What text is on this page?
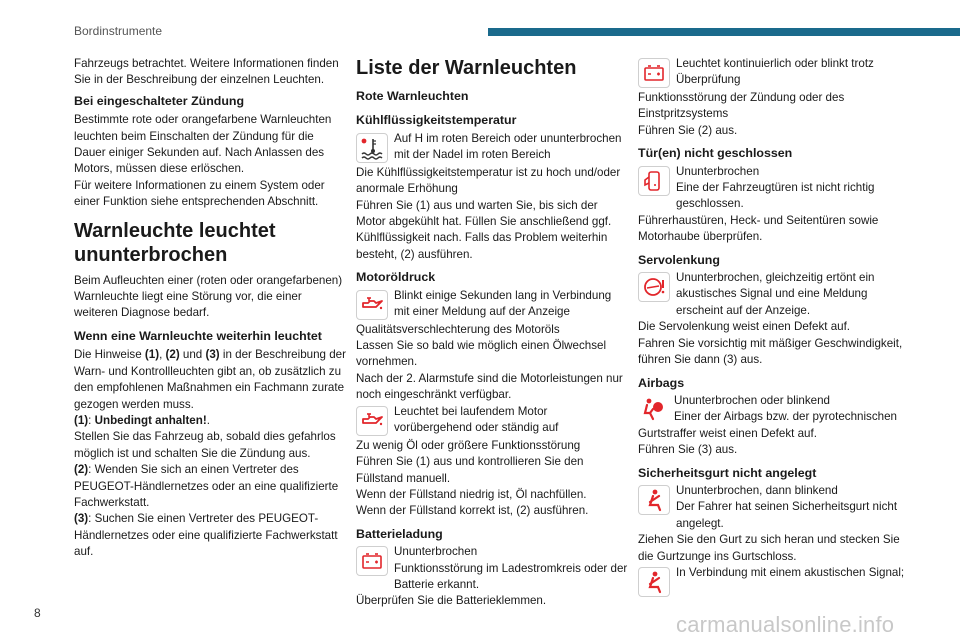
Bordinstrumente

Fahrzeugs betrachtet. Weitere Informationen finden Sie in der Beschreibung der einzelnen Leuchten.

Bei eingeschalteter Zündung

Bestimmte rote oder orangefarbene Warnleuchten leuchten beim Einschalten der Zündung für die Dauer einiger Sekunden auf. Nach Anlassen des Motors, müssen diese erlöschen.

Für weitere Informationen zu einem System oder einer Funktion siehe entsprechenden Abschnitt.

Warnleuchte leuchtet ununterbrochen

Beim Aufleuchten einer (roten oder orangefarbenen) Warnleuchte liegt eine Störung vor, die einer weiteren Diagnose bedarf.

Wenn eine Warnleuchte weiterhin leuchtet

Die Hinweise (1), (2) und (3) in der Beschreibung der Warn- und Kontrollleuchten gibt an, ob zusätzlich zu den empfohlenen Maßnahmen ein Fachmann zurate gezogen werden muss.

(1): Unbedingt anhalten!.

Stellen Sie das Fahrzeug ab, sobald dies gefahrlos möglich ist und schalten Sie die Zündung aus.

(2): Wenden Sie sich an einen Vertreter des PEUGEOT-Händlernetzes oder an eine qualifizierte Fachwerkstatt.

(3): Suchen Sie einen Vertreter des PEUGEOT-Händlernetzes oder eine qualifizierte Fachwerkstatt auf.

Liste der Warnleuchten

Rote Warnleuchten

Kühlflüssigkeitstemperatur

Auf H im roten Bereich oder ununterbrochen mit der Nadel im roten Bereich

Die Kühlflüssigkeitstemperatur ist zu hoch und/oder anormale Erhöhung

Führen Sie (1) aus und warten Sie, bis sich der Motor abgekühlt hat. Füllen Sie anschließend ggf. Kühlflüssigkeit nach. Falls das Problem weiterhin besteht, (2) ausführen.

Motoröldruck

Blinkt einige Sekunden lang in Verbindung mit einer Meldung auf der Anzeige

Qualitätsverschlechterung des Motoröls

Lassen Sie so bald wie möglich einen Ölwechsel vornehmen.

Nach der 2. Alarmstufe sind die Motorleistungen nur noch eingeschränkt verfügbar.

Leuchtet bei laufendem Motor vorübergehend oder ständig auf

Zu wenig Öl oder größere Funktionsstörung

Führen Sie (1) aus und kontrollieren Sie den Füllstand manuell.

Wenn der Füllstand niedrig ist, Öl nachfüllen.

Wenn der Füllstand korrekt ist, (2) ausführen.

Batterieladung

Ununterbrochen

Funktionsstörung im Ladestromkreis oder der Batterie erkannt.

Überprüfen Sie die Batterieklemmen.

Leuchtet kontinuierlich oder blinkt trotz Überprüfung

Funktionsstörung der Zündung oder des Einstpritzsystems

Führen Sie (2) aus.

Tür(en) nicht geschlossen

Ununterbrochen

Eine der Fahrzeugtüren ist nicht richtig geschlossen.

Führerhaustüren, Heck- und Seitentüren sowie Motorhaube überprüfen.

Servolenkung

Ununterbrochen, gleichzeitig ertönt ein akustisches Signal und eine Meldung erscheint auf der Anzeige.

Die Servolenkung weist einen Defekt auf.

Fahren Sie vorsichtig mit mäßiger Geschwindigkeit, führen Sie dann (3) aus.

Airbags

Ununterbrochen oder blinkend

Einer der Airbags bzw. der pyrotechnischen Gurtstraffer weist einen Defekt auf.

Führen Sie (3) aus.

Sicherheitsgurt nicht angelegt

Ununterbrochen, dann blinkend

Der Fahrer hat seinen Sicherheitsgurt nicht angelegt.

Ziehen Sie den Gurt zu sich heran und stecken Sie die Gurtzunge ins Gurtschloss.

In Verbindung mit einem akustischen Signal;

8	carmanualsonline.info
